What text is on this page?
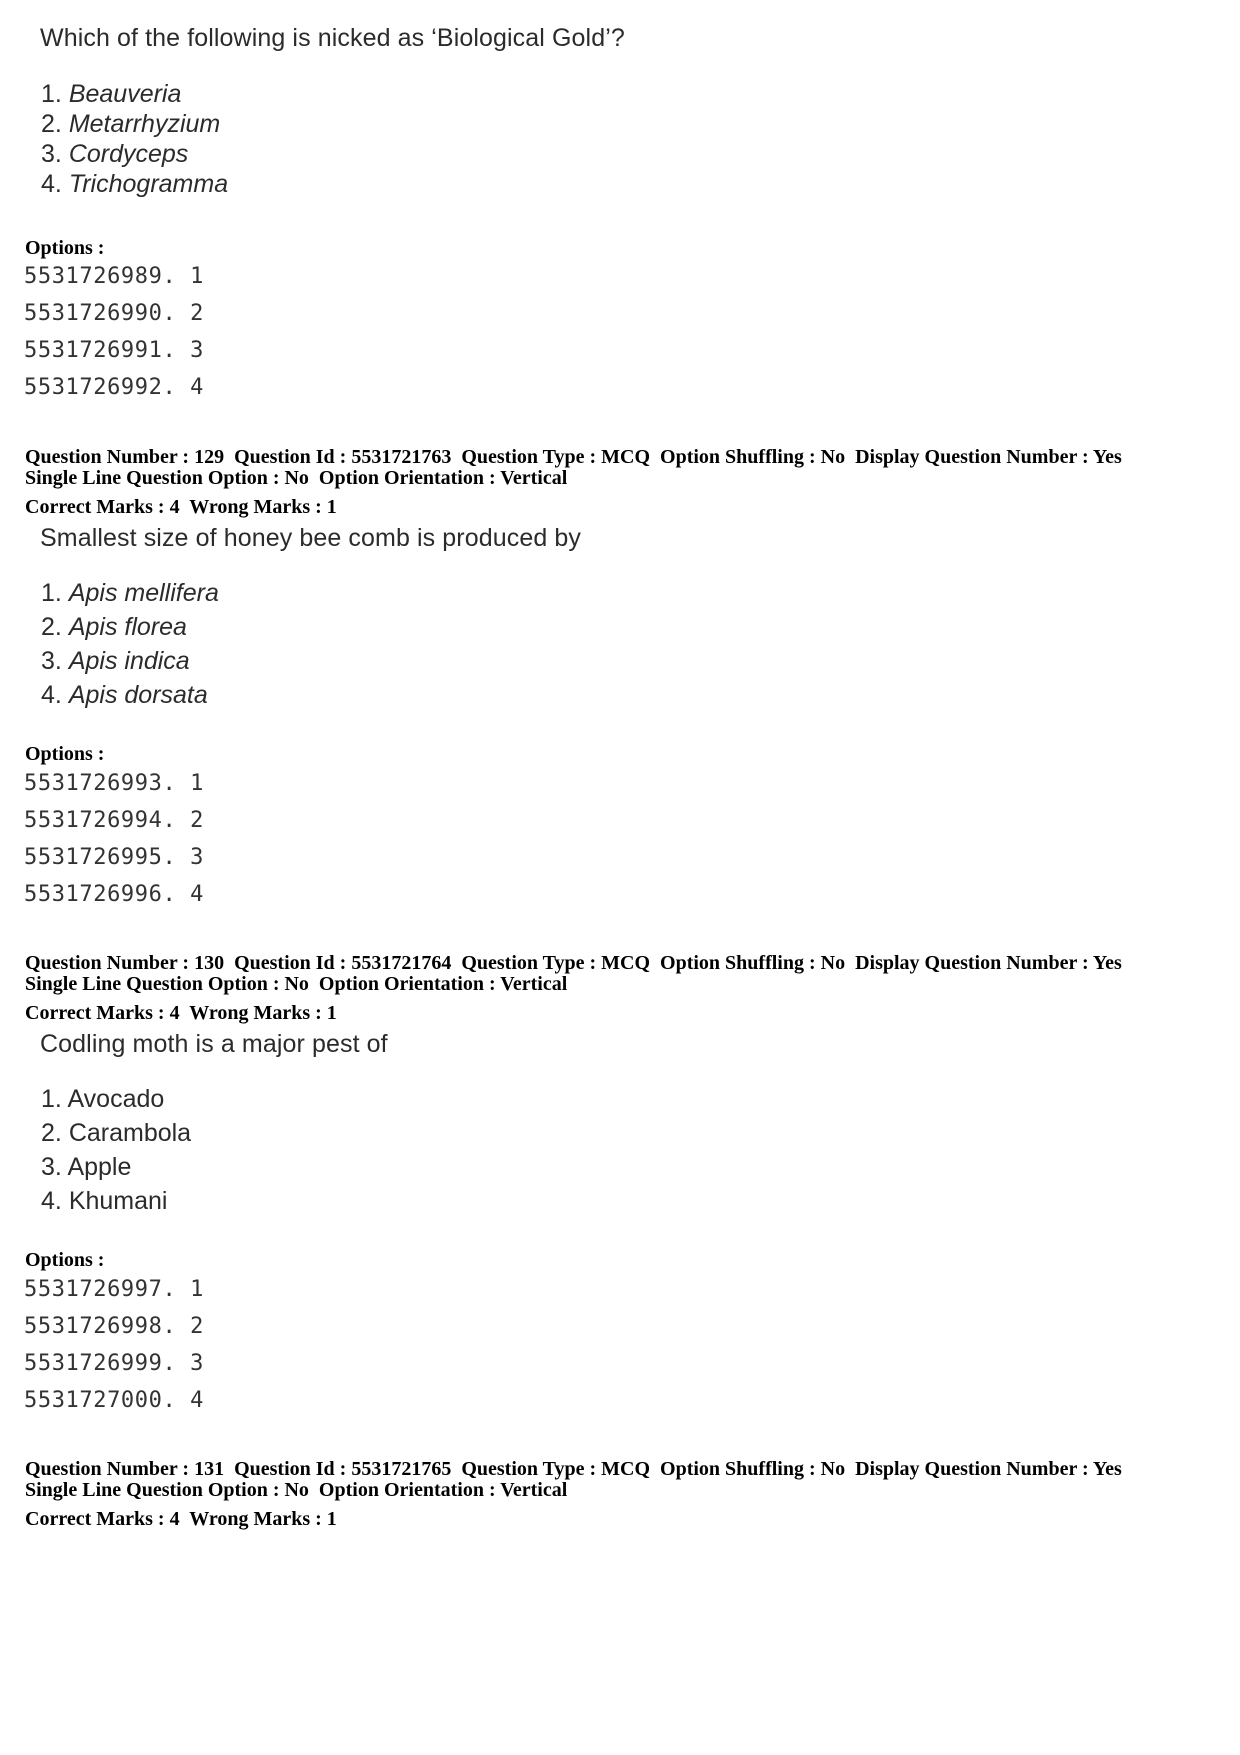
Which of the following is nicked as ‘Biological Gold’?
1. Beauveria
2. Metarrhyzium
3. Cordyceps
4. Trichogramma
Options :
5531726989. 1
5531726990. 2
5531726991. 3
5531726992. 4
Question Number : 129  Question Id : 5531721763  Question Type : MCQ  Option Shuffling : No  Display Question Number : Yes
Single Line Question Option : No  Option Orientation : Vertical
Correct Marks : 4  Wrong Marks : 1
Smallest size of honey bee comb is produced by
1. Apis mellifera
2. Apis florea
3. Apis indica
4. Apis dorsata
Options :
5531726993. 1
5531726994. 2
5531726995. 3
5531726996. 4
Question Number : 130  Question Id : 5531721764  Question Type : MCQ  Option Shuffling : No  Display Question Number : Yes
Single Line Question Option : No  Option Orientation : Vertical
Correct Marks : 4  Wrong Marks : 1
Codling moth is a major pest of
1. Avocado
2. Carambola
3. Apple
4. Khumani
Options :
5531726997. 1
5531726998. 2
5531726999. 3
5531727000. 4
Question Number : 131  Question Id : 5531721765  Question Type : MCQ  Option Shuffling : No  Display Question Number : Yes
Single Line Question Option : No  Option Orientation : Vertical
Correct Marks : 4  Wrong Marks : 1
